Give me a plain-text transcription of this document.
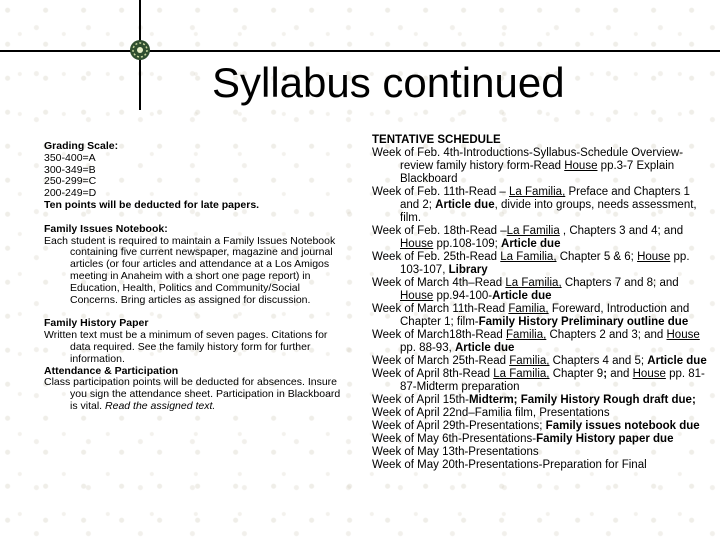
Syllabus continued
Grading Scale:
350-400=A
300-349=B
250-299=C
200-249=D
Ten points will be deducted for late papers.
Family Issues Notebook:
Each student is required to maintain a Family Issues Notebook containing five current newspaper, magazine and journal articles (or four articles and attendance at a Los Amigos meeting in Anaheim with a short one page report) in Education, Health, Politics and Community/Social Concerns. Bring articles as assigned for discussion.
Family History Paper
Written text must be a minimum of seven pages. Citations for data required. See the family history form for further information.
Attendance & Participation
Class participation points will be deducted for absences. Insure you sign the attendance sheet. Participation in Blackboard is vital. Read the assigned text.
TENTATIVE SCHEDULE
Week of Feb. 4th-Introductions-Syllabus-Schedule Overview-review family history form-Read House pp.3-7 Explain Blackboard
Week of Feb. 11th-Read – La Familia, Preface and Chapters 1 and 2; Article due, divide into groups, needs assessment, film.
Week of Feb. 18th-Read –La Familia , Chapters 3 and 4; and House pp.108-109; Article due
Week of Feb. 25th-Read La Familia, Chapter 5 & 6; House pp. 103-107, Library
Week of March 4th–Read La Familia, Chapters 7 and 8; and House pp.94-100-Article due
Week of March 11th-Read Familia, Foreward, Introduction and Chapter 1; film-Family History Preliminary outline due
Week of March18th-Read Familia, Chapters 2 and 3; and House pp. 88-93, Article due
Week of March 25th-Read Familia, Chapters 4 and 5; Article due
Week of April 8th-Read La Familia, Chapter 9; and House pp. 81-87-Midterm preparation
Week of April 15th-Midterm; Family History Rough draft due;
Week of April 22nd–Familia film, Presentations
Week of April 29th-Presentations; Family issues notebook due
Week of May 6th-Presentations-Family History paper due
Week of May 13th-Presentations
Week of May 20th-Presentations-Preparation for Final
